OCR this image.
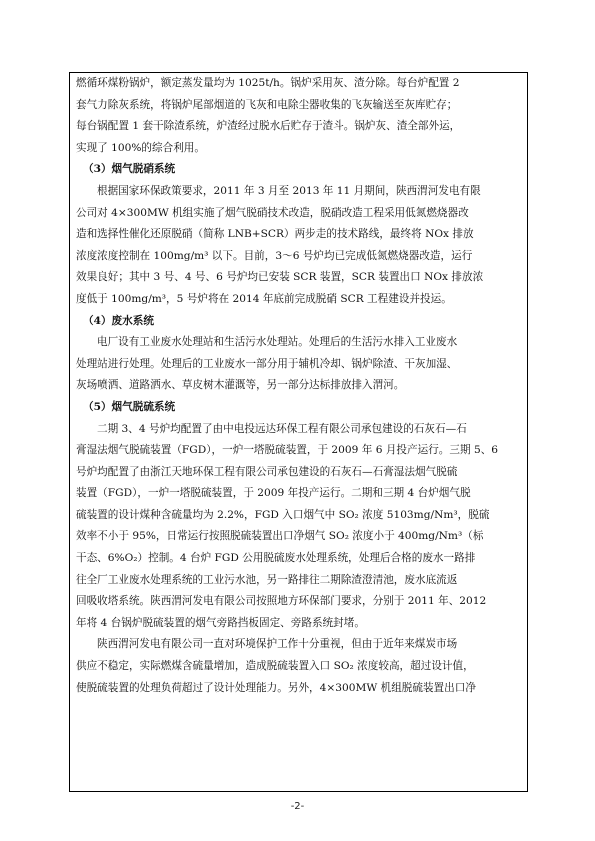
燃循环煤粉锅炉，额定蒸发量均为 1025t/h。锅炉采用灰、渣分除。每台炉配置 2
套气力除灰系统，将锅炉尾部烟道的飞灰和电除尘器收集的飞灰输送至灰库贮存；
每台锅配置 1 套干除渣系统，炉渣经过脱水后贮存于渣斗。锅炉灰、渣全部外运，
实现了 100%的综合利用。

（3）烟气脱硝系统

根据国家环保政策要求，2011 年 3 月至 2013 年 11 月期间，陕西渭河发电有限
公司对 4×300MW 机组实施了烟气脱硝技术改造，脱硝改造工程采用低氮燃烧器改
造和选择性催化还原脱硝（简称 LNB+SCR）两步走的技术路线，最终将 NOx 排放
浓度浓度控制在 100mg/m³ 以下。目前，3～6 号炉均已完成低氮燃烧器改造，运行
效果良好；其中 3 号、4 号、6 号炉均已安装 SCR 装置，SCR 装置出口 NOx 排放浓
度低于 100mg/m³，5 号炉将在 2014 年底前完成脱硝 SCR 工程建设并投运。

（4）废水系统

电厂设有工业废水处理站和生活污水处理站。处理后的生活污水排入工业废水
处理站进行处理。处理后的工业废水一部分用于辅机冷却、锅炉除渣、干灰加湿、
灰场喷洒、道路洒水、草皮树木灌溉等，另一部分达标排放排入渭河。

（5）烟气脱硫系统

二期 3、4 号炉均配置了由中电投远达环保工程有限公司承包建设的石灰石—石
膏湿法烟气脱硫装置（FGD），一炉一塔脱硫装置，于 2009 年 6 月投产运行。三期 5、6
号炉均配置了由浙江天地环保工程有限公司承包建设的石灰石—石膏湿法烟气脱硫
装置（FGD），一炉一塔脱硫装置，于 2009 年投产运行。二期和三期 4 台炉烟气脱
硫装置的设计煤种含硫量均为 2.2%，FGD 入口烟气中 SO₂ 浓度 5103mg/Nm³，脱硫
效率不小于 95%，日常运行按照脱硫装置出口净烟气 SO₂ 浓度小于 400mg/Nm³（标
干态、6%O₂）控制。4 台炉 FGD 公用脱硫废水处理系统，处理后合格的废水一路排
往全厂工业废水处理系统的工业污水池，另一路排往二期除渣澄清池，废水底流返
回吸收塔系统。陕西渭河发电有限公司按照地方环保部门要求，分别于 2011 年、2012
年将 4 台锅炉脱硫装置的烟气旁路挡板固定、旁路系统封堵。

陕西渭河发电有限公司一直对环境保护工作十分重视，但由于近年来煤炭市场
供应不稳定，实际燃煤含硫量增加，造成脱硫装置入口 SO₂ 浓度较高，超过设计值，
使脱硫装置的处理负荷超过了设计处理能力。另外，4×300MW 机组脱硫装置出口净

-2-
